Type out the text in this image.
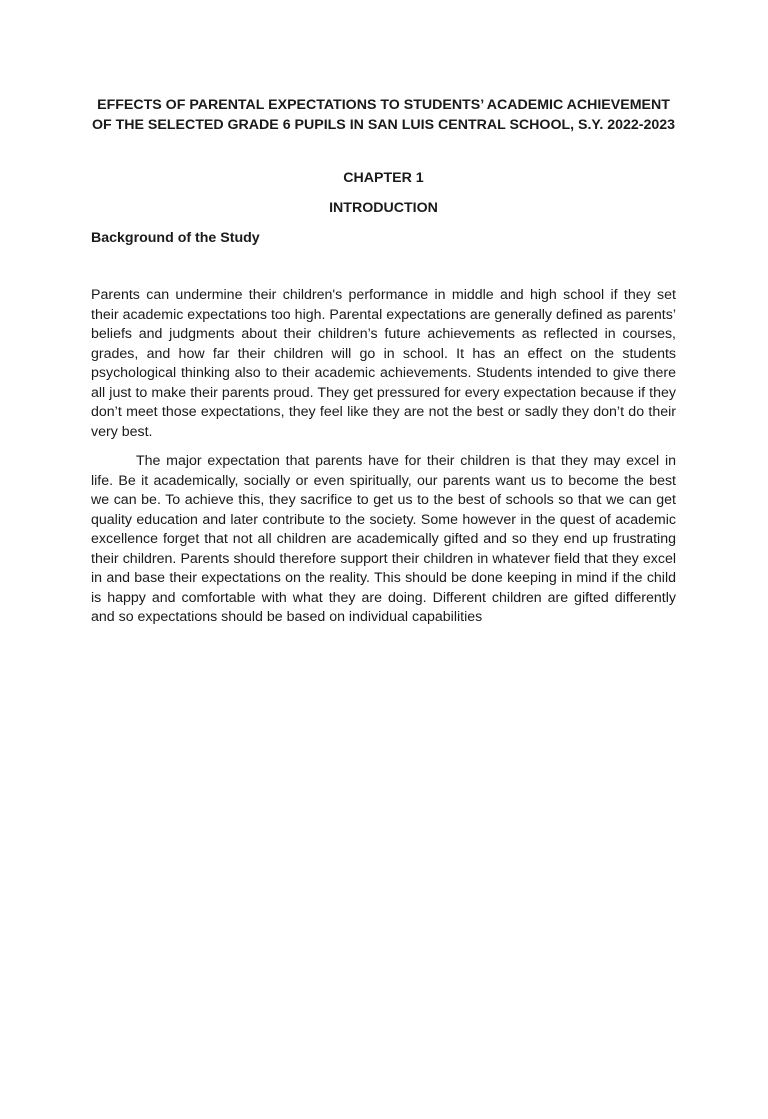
EFFECTS OF PARENTAL EXPECTATIONS TO STUDENTS’ ACADEMIC ACHIEVEMENT OF THE SELECTED GRADE 6 PUPILS IN SAN LUIS CENTRAL SCHOOL, S.Y. 2022-2023
CHAPTER 1
INTRODUCTION
Background of the Study

Parents can undermine their children's performance in middle and high school if they set their academic expectations too high. Parental expectations are generally defined as parents’ beliefs and judgments about their children’s future achievements as reflected in courses, grades, and how far their children will go in school. It has an effect on the students psychological thinking also to their academic achievements. Students intended to give there all just to make their parents proud. They get pressured for every expectation because if they don’t meet those expectations, they feel like they are not the best or sadly they don’t do their very best.

The major expectation that parents have for their children is that they may excel in life. Be it academically, socially or even spiritually, our parents want us to become the best we can be. To achieve this, they sacrifice to get us to the best of schools so that we can get quality education and later contribute to the society. Some however in the quest of academic excellence forget that not all children are academically gifted and so they end up frustrating their children. Parents should therefore support their children in whatever field that they excel in and base their expectations on the reality. This should be done keeping in mind if the child is happy and comfortable with what they are doing. Different children are gifted differently and so expectations should be based on individual capabilities
